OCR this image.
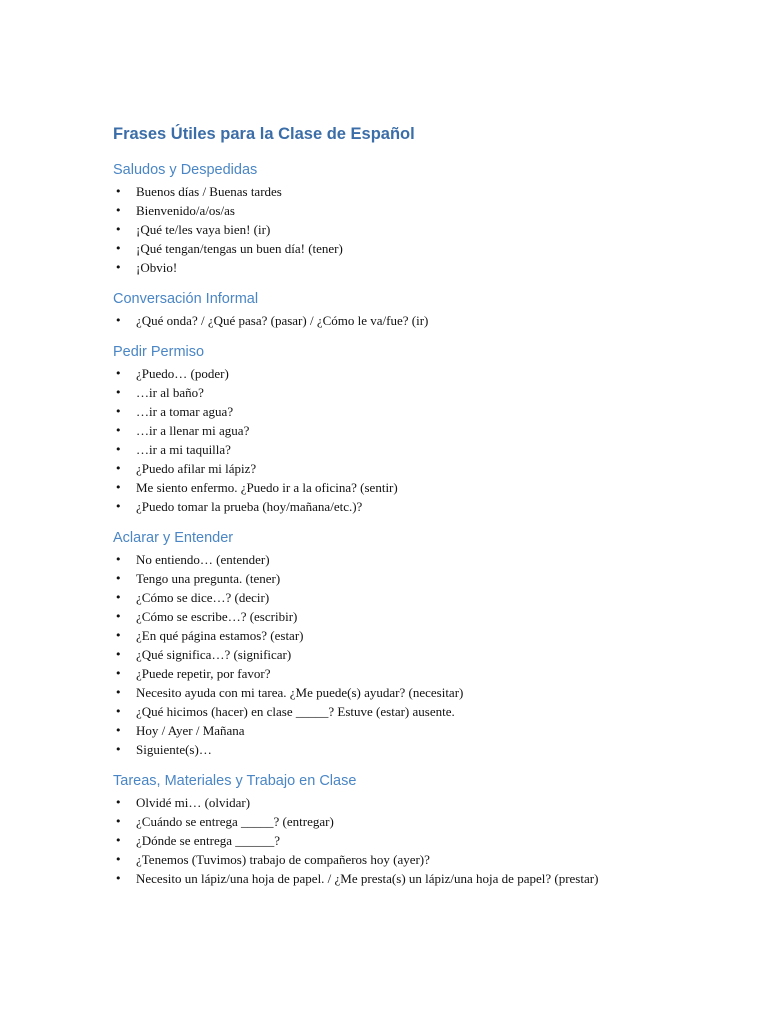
Frases Útiles para la Clase de Español
Saludos y Despedidas
• Buenos días / Buenas tardes
• Bienvenido/a/os/as
• ¡Qué te/les vaya bien! (ir)
• ¡Qué tengan/tengas un buen día! (tener)
• ¡Obvio!
Conversación Informal
• ¿Qué onda? / ¿Qué pasa? (pasar) / ¿Cómo le va/fue? (ir)
Pedir Permiso
• ¿Puedo… (poder)
• …ir al baño?
• …ir a tomar agua?
• …ir a llenar mi agua?
• …ir a mi taquilla?
• ¿Puedo afilar mi lápiz?
• Me siento enfermo. ¿Puedo ir a la oficina? (sentir)
• ¿Puedo tomar la prueba (hoy/mañana/etc.)?
Aclarar y Entender
• No entiendo… (entender)
• Tengo una pregunta. (tener)
• ¿Cómo se dice…? (decir)
• ¿Cómo se escribe…? (escribir)
• ¿En qué página estamos? (estar)
• ¿Qué significa…? (significar)
• ¿Puede repetir, por favor?
• Necesito ayuda con mi tarea. ¿Me puede(s) ayudar? (necesitar)
• ¿Qué hicimos (hacer) en clase _____? Estuve (estar) ausente.
• Hoy / Ayer / Mañana
• Siguiente(s)…
Tareas, Materiales y Trabajo en Clase
• Olvidé mi… (olvidar)
• ¿Cuándo se entrega _____? (entregar)
• ¿Dónde se entrega ______?
• ¿Tenemos (Tuvimos) trabajo de compañeros hoy (ayer)?
• Necesito un lápiz/una hoja de papel. / ¿Me presta(s) un lápiz/una hoja de papel? (prestar)
